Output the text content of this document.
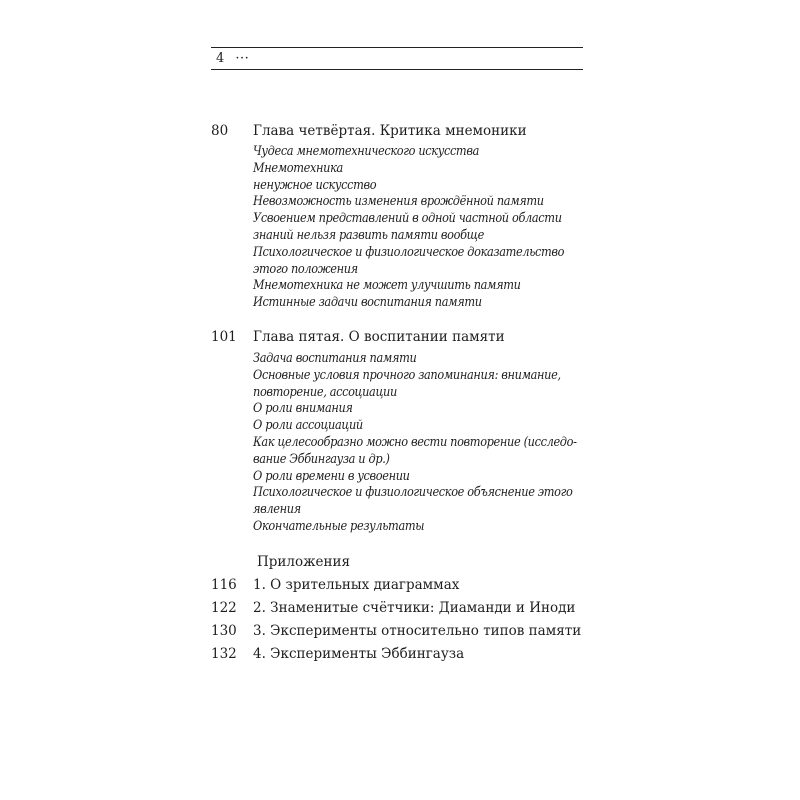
4 ···
80 Глава четвёртая. Критика мнемоники
Чудеса мнемотехнического искусства
Мнемотехника
ненужное искусство
Невозможность изменения врождённой памяти
Усвоением представлений в одной частной области
знаний нельзя развить памяти вообще
Психологическое и физиологическое доказательство
этого положения
Мнемотехника не может улучшить памяти
Истинные задачи воспитания памяти
101 Глава пятая. О воспитании памяти
Задача воспитания памяти
Основные условия прочного запоминания: внимание,
повторение, ассоциации
О роли внимания
О роли ассоциаций
Как целесообразно можно вести повторение (исследо-
вание Эббингауза и др.)
О роли времени в усвоении
Психологическое и физиологическое объяснение этого
явления
Окончательные результаты
Приложения
116 1. О зрительных диаграммах
122 2. Знаменитые счётчики: Диаманди и Иноди
130 3. Эксперименты относительно типов памяти
132 4. Эксперименты Эббингауза
